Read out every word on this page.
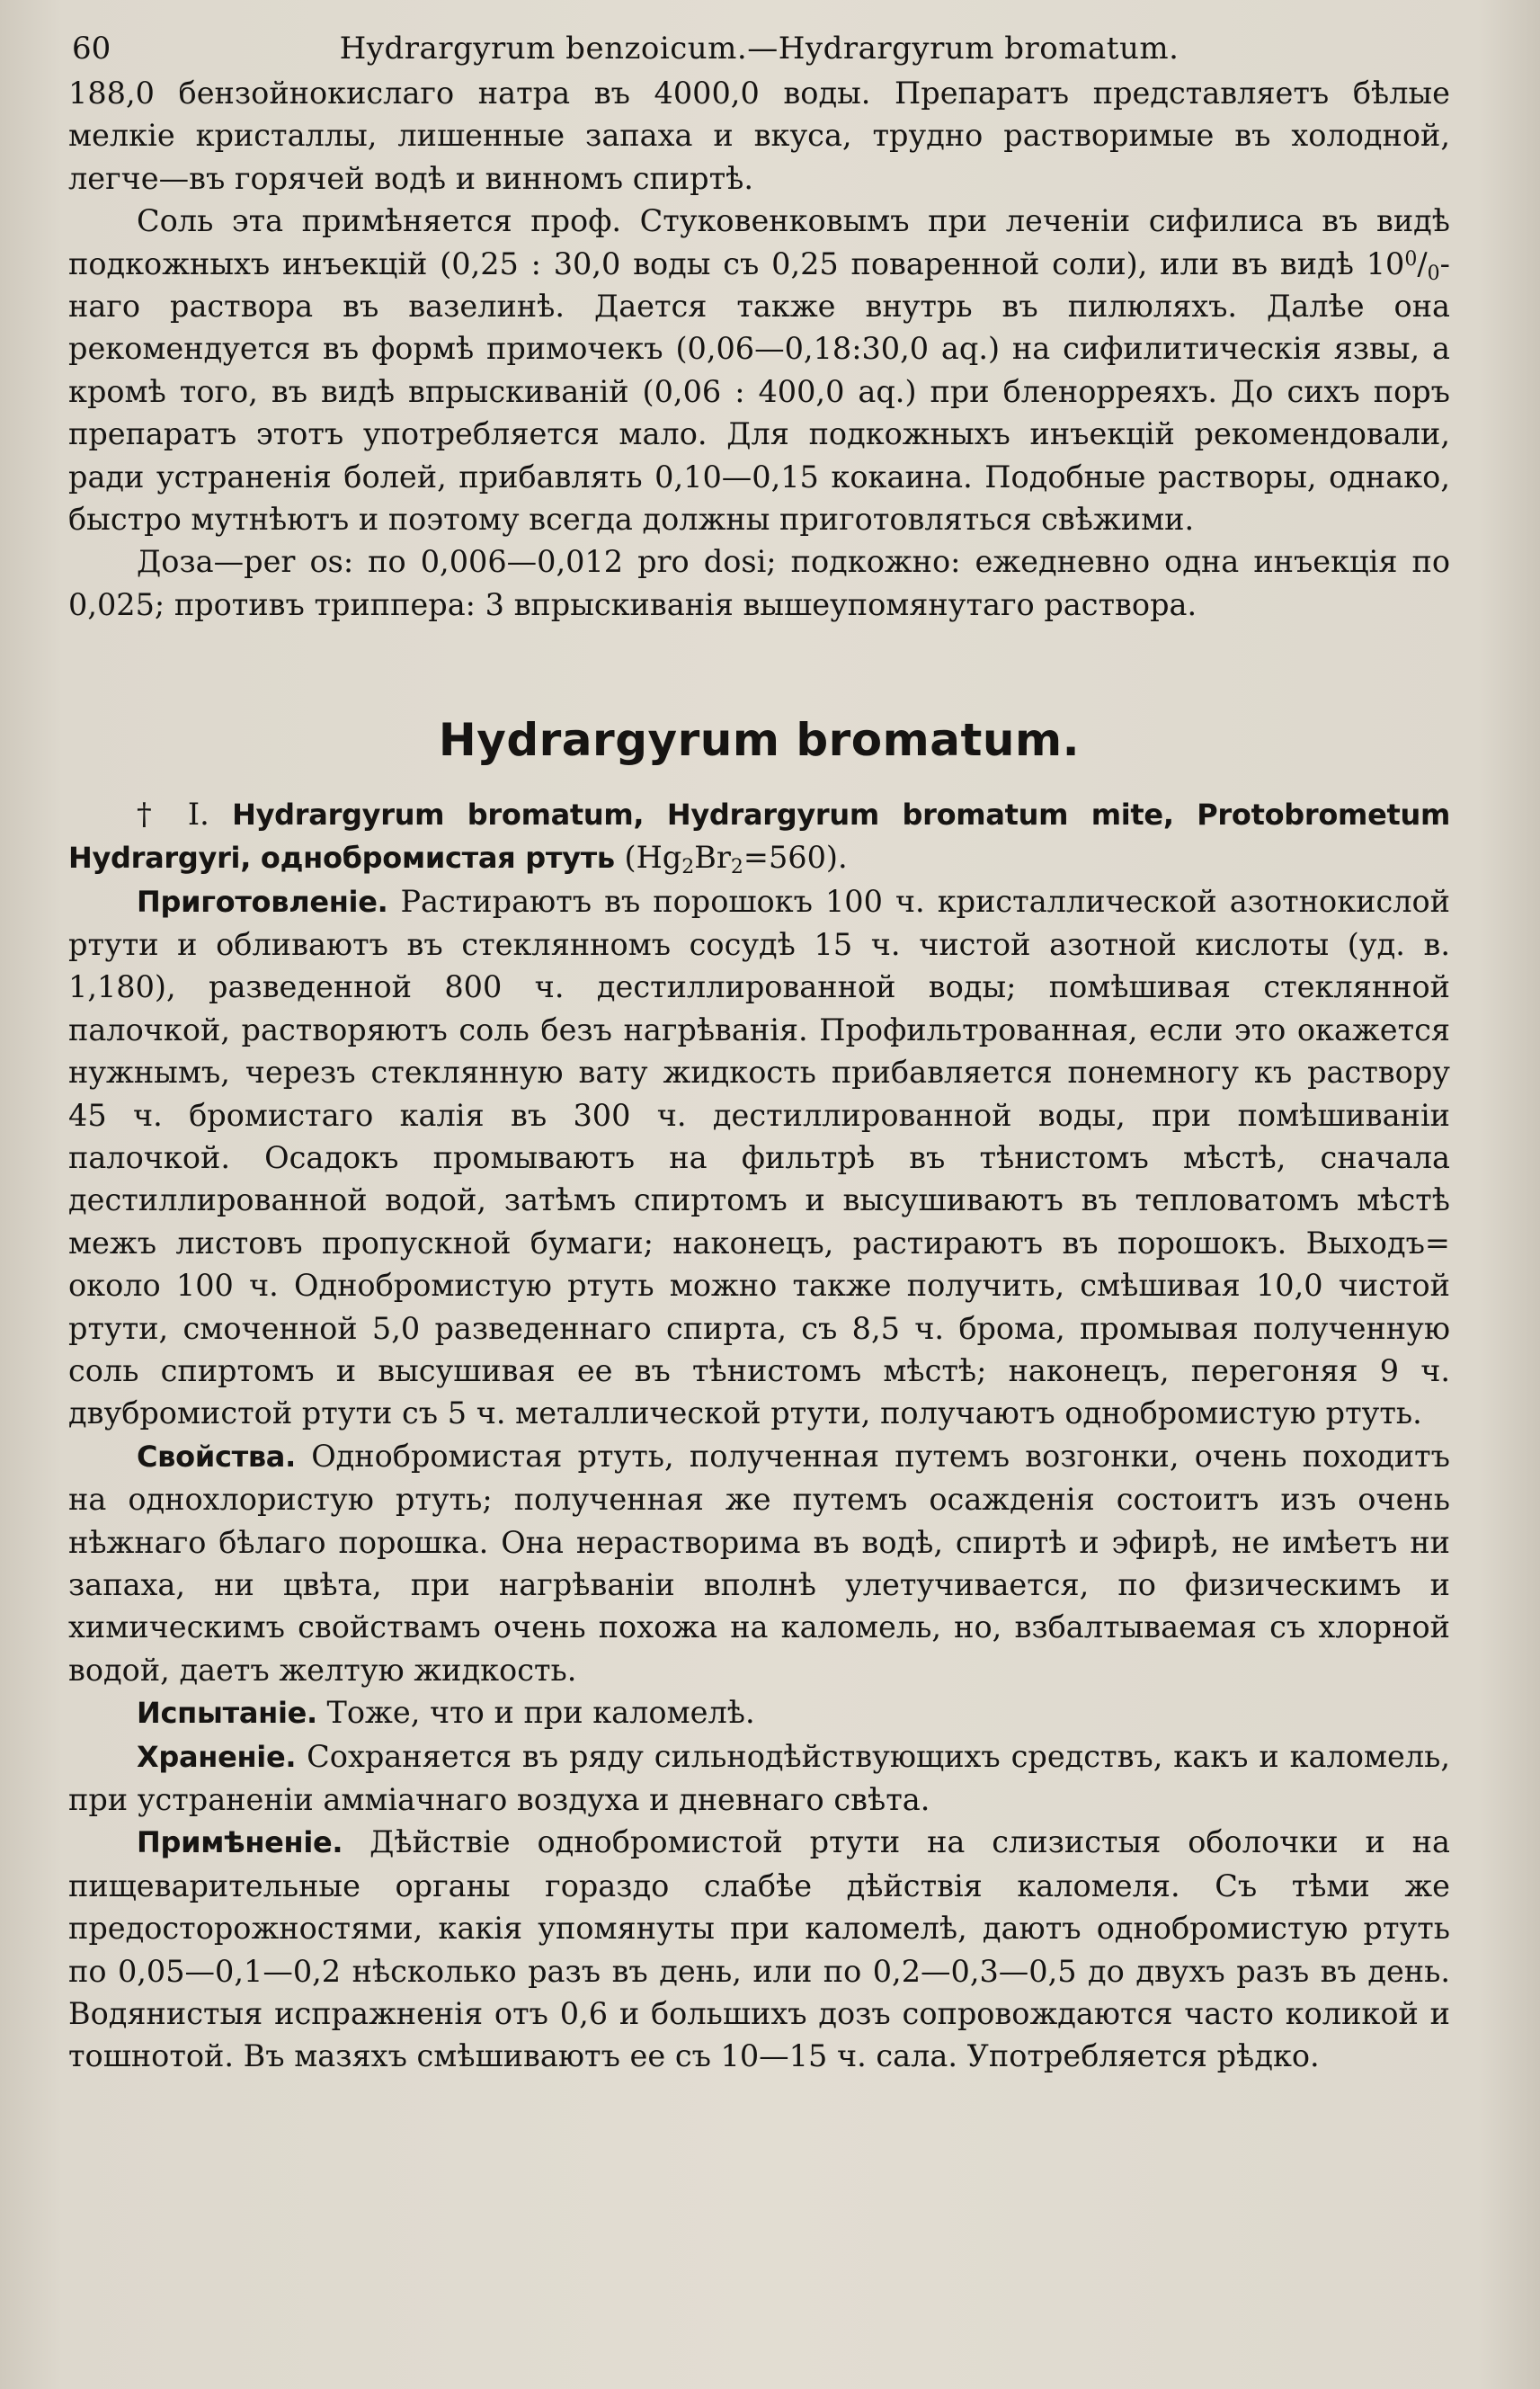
60	Hydrargyrum benzoicum.—Hydrargyrum bromatum.

188,0 бензойнокислаго натра въ 4000,0 воды. Препаратъ представляетъ бѣлые мелкіе кристаллы, лишенные запаха и вкуса, трудно растворимые въ холодной, легче—въ горячей водѣ и винномъ спиртѣ.

Соль эта примѣняется проф. Стуковенковымъ при леченіи сифилиса въ видѣ подкожныхъ инъекцій (0,25 : 30,0 воды съ 0,25 поваренной соли), или въ видѣ $10^0/_0$-наго раствора въ вазелинѣ. Дается также внутрь въ пилюляхъ. Далѣе она рекомендуется въ формѣ примочекъ (0,06—0,18:30,0 aq.) на сифилитическія язвы, а кромѣ того, въ видѣ впрыскиваній (0,06 : 400,0 aq.) при бленорреяхъ. До сихъ поръ препаратъ этотъ употребляется мало. Для подкожныхъ инъекцій рекомендовали, ради устраненія болей, прибавлять 0,10—0,15 кокаина. Подобные растворы, однако, быстро мутнѣютъ и поэтому всегда должны приготовляться свѣжими.

Доза—per os: по 0,006—0,012 pro dosi; подкожно: ежедневно одна инъекція по 0,025; противъ триппера: 3 впрыскиванія вышеупомянутаго раствора.

Hydrargyrum bromatum.

† I. Hydrargyrum bromatum, Hydrargyrum bromatum mite, Protobrometum Hydrargyri, однобромистая ртуть $(Hg_2Br_2=560)$.

Приготовленіе. Растираютъ въ порошокъ 100 ч. кристаллической азотнокислой ртути и обливаютъ въ стеклянномъ сосудѣ 15 ч. чистой азотной кислоты (уд. в. 1,180), разведенной 800 ч. дестиллированной воды; помѣшивая стеклянной палочкой, растворяютъ соль безъ нагрѣванія. Профильтрованная, если это окажется нужнымъ, черезъ стеклянную вату жидкость прибавляется понемногу къ раствору 45 ч. бромистаго калія въ 300 ч. дестиллированной воды, при помѣшиваніи палочкой. Осадокъ промываютъ на фильтрѣ въ тѣнистомъ мѣстѣ, сначала дестиллированной водой, затѣмъ спиртомъ и высушиваютъ въ тепловатомъ мѣстѣ межъ листовъ пропускной бумаги; наконецъ, растираютъ въ порошокъ. Выходъ= около 100 ч. Однобромистую ртуть можно также получить, смѣшивая 10,0 чистой ртути, смоченной 5,0 разведеннаго спирта, съ 8,5 ч. брома, промывая полученную соль спиртомъ и высушивая ее въ тѣнистомъ мѣстѣ; наконецъ, перегоняя 9 ч. двубромистой ртути съ 5 ч. металлической ртути, получаютъ однобромистую ртуть.

Свойства. Однобромистая ртуть, полученная путемъ возгонки, очень походитъ на однохлористую ртуть; полученная же путемъ осажденія состоитъ изъ очень нѣжнаго бѣлаго порошка. Она нерастворима въ водѣ, спиртѣ и эфирѣ, не имѣетъ ни запаха, ни цвѣта, при нагрѣваніи вполнѣ улетучивается, по физическимъ и химическимъ свойствамъ очень похожа на каломель, но, взбалтываемая съ хлорной водой, даетъ желтую жидкость.

Испытаніе. Тоже, что и при каломелѣ.

Храненіе. Сохраняется въ ряду сильнодѣйствующихъ средствъ, какъ и каломель, при устраненіи амміачнаго воздуха и дневнаго свѣта.

Примѣненіе. Дѣйствіе однобромистой ртути на слизистыя оболочки и на пищеварительные органы гораздо слабѣе дѣйствія каломеля. Съ тѣми же предосторожностями, какія упомянуты при каломелѣ, даютъ однобромистую ртуть по 0,05—0,1—0,2 нѣсколько разъ въ день, или по 0,2—0,3—0,5 до двухъ разъ въ день. Водянистыя испражненія отъ 0,6 и большихъ дозъ сопровождаются часто коликой и тошнотой. Въ мазяхъ смѣшиваютъ ее съ 10—15 ч. сала. Употребляется рѣдко.
